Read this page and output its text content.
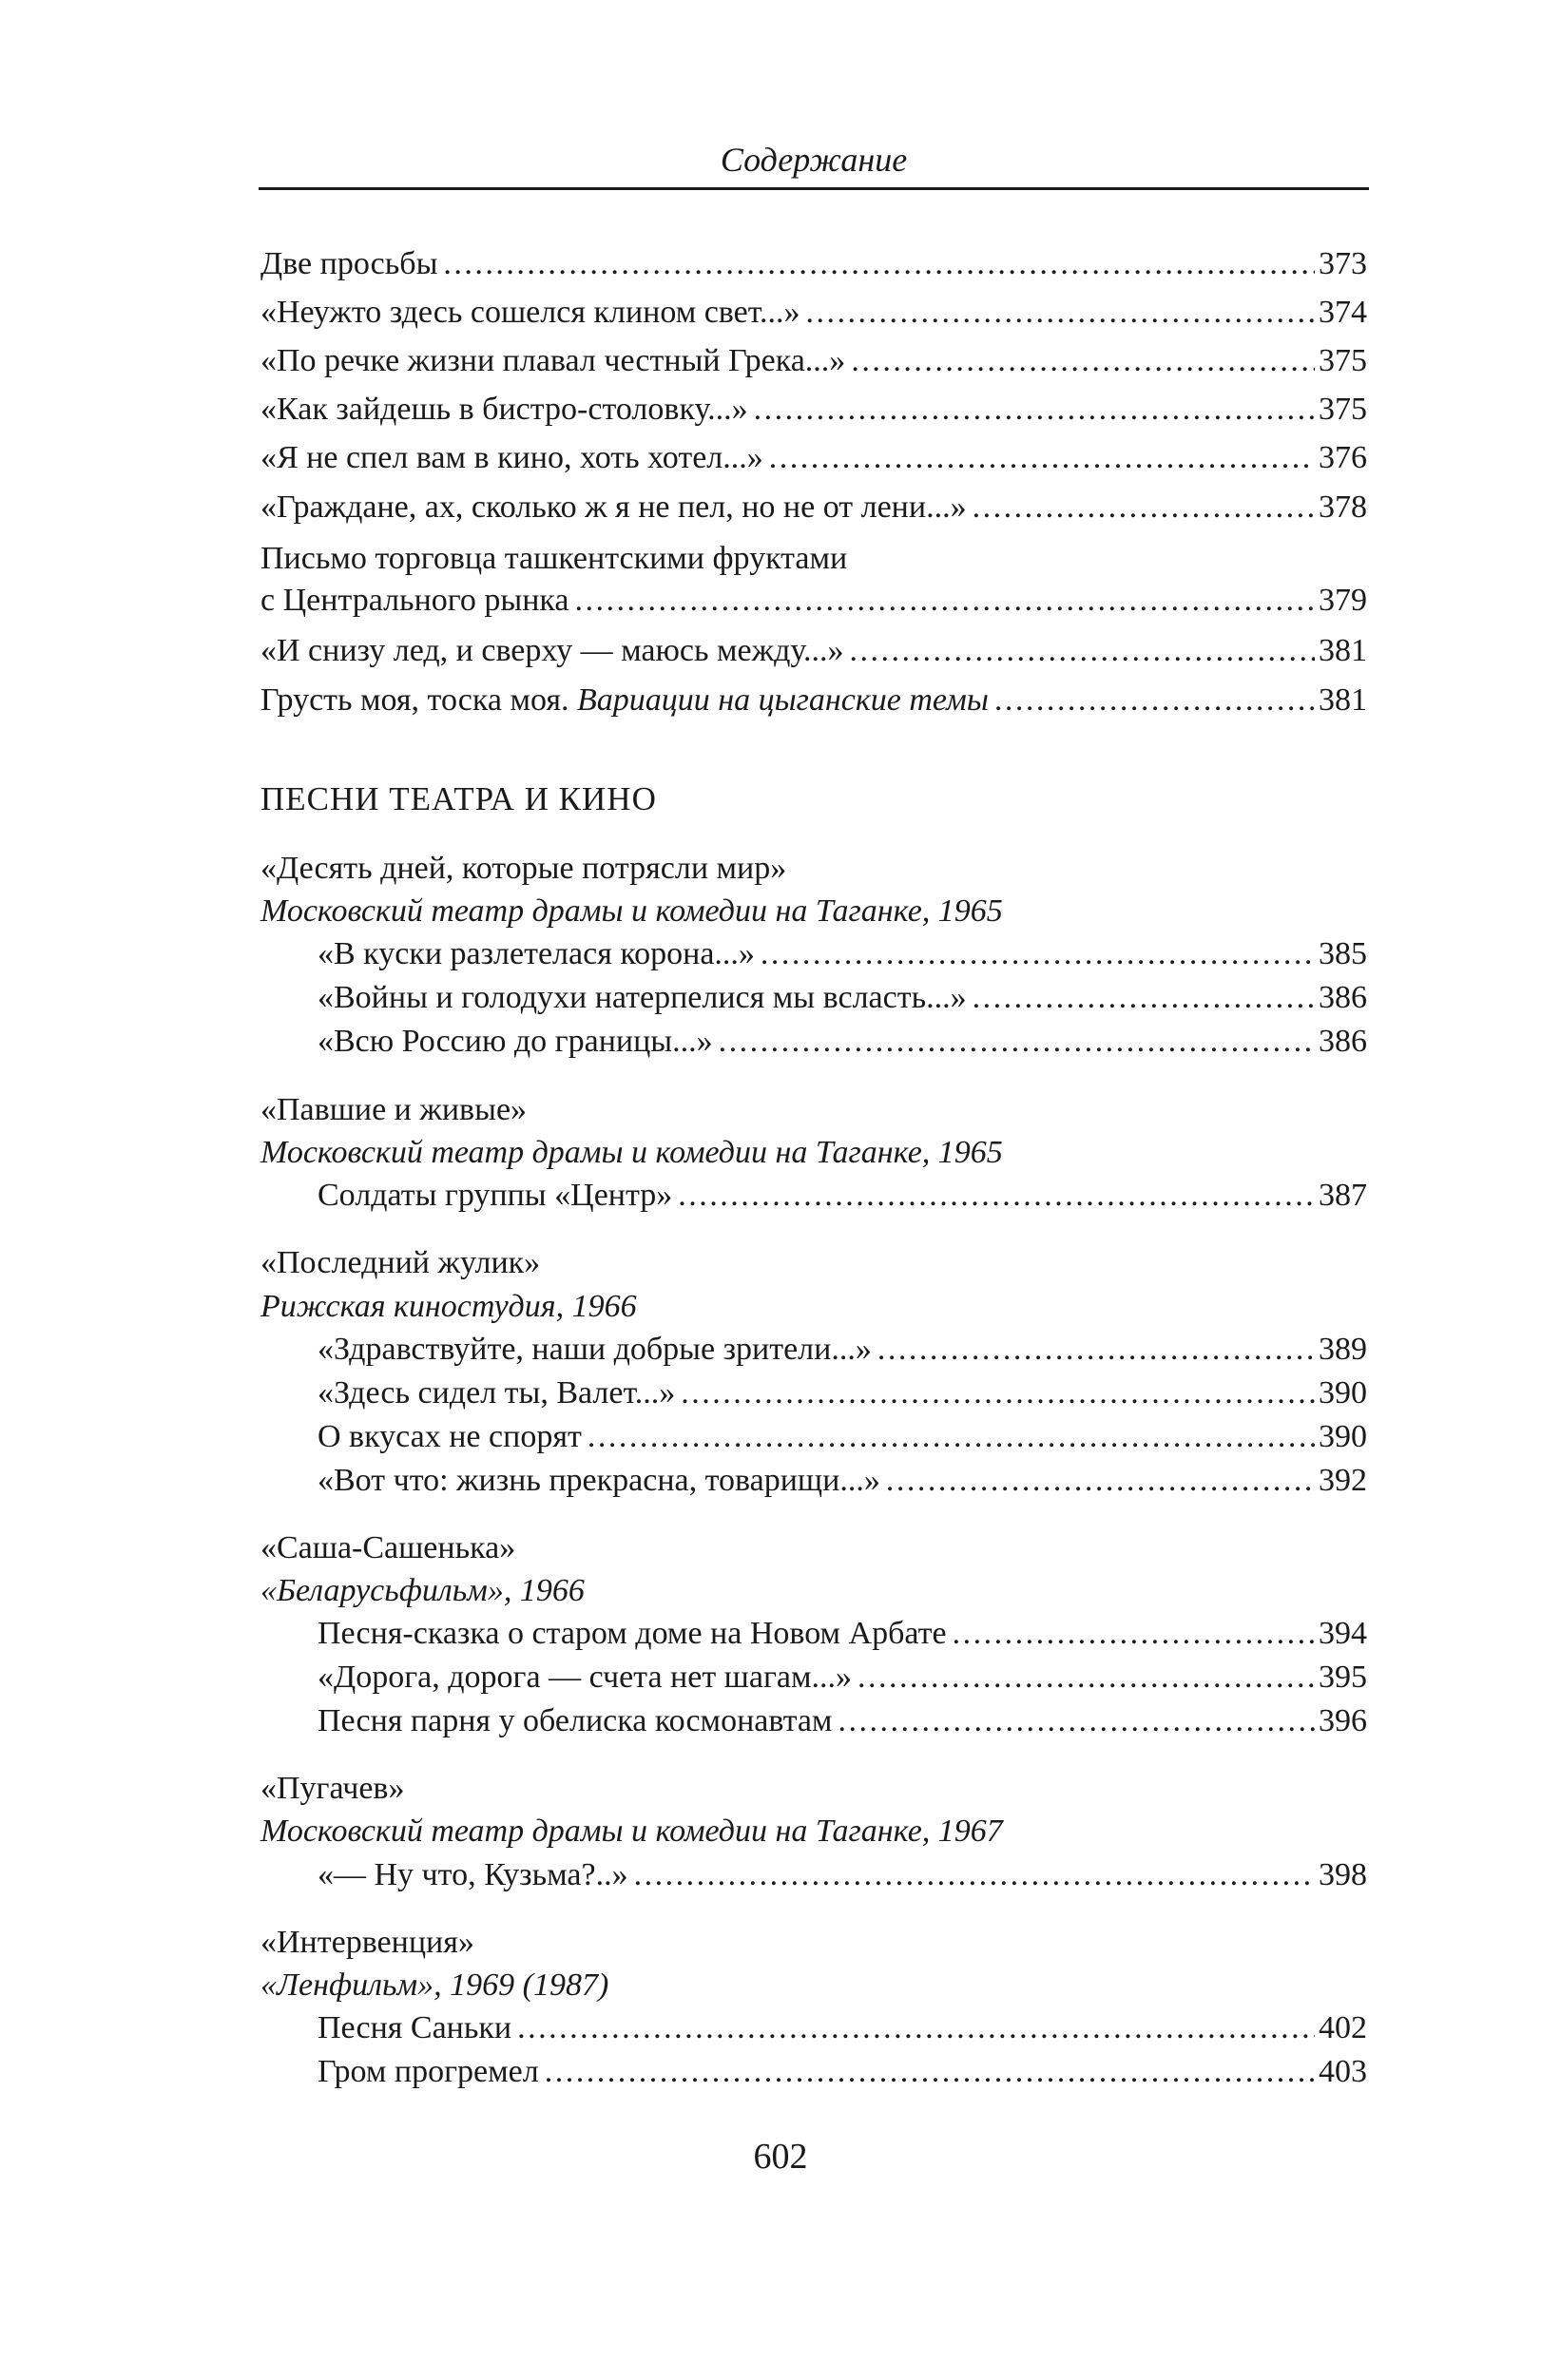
Содержание
Две просьбы . . .	373
«Неужто здесь сошелся клином свет...» . . .	374
«По речке жизни плавал честный Грека...» . . .	375
«Как зайдешь в бистро-столовку...» . . .	375
«Я не спел вам в кино, хоть хотел...» . . .	376
«Граждане, ах, сколько ж я не пел, но не от лени...» . . .	378
Письмо торговца ташкентскими фруктами
с Центрального рынка . . .	379
«И снизу лед, и сверху — маюсь между...» . . .	381
Грусть моя, тоска моя. Вариации на цыганские темы . . .	381
ПЕСНИ ТЕАТРА И КИНО
«Десять дней, которые потрясли мир»
Московский театр драмы и комедии на Таганке, 1965
«В куски разлетелася корона...» . . .	385
«Войны и голодухи натерпелися мы всласть...» . . .	386
«Всю Россию до границы...» . . .	386
«Павшие и живые»
Московский театр драмы и комедии на Таганке, 1965
Солдаты группы «Центр» . . .	387
«Последний жулик»
Рижская киностудия, 1966
«Здравствуйте, наши добрые зрители...» . . .	389
«Здесь сидел ты, Валет...» . . .	390
О вкусах не спорят . . .	390
«Вот что: жизнь прекрасна, товарищи...» . . .	392
«Саша-Сашенька»
«Беларусьфильм», 1966
Песня-сказка о старом доме на Новом Арбате . . .	394
«Дорога, дорога — счета нет шагам...» . . .	395
Песня парня у обелиска космонавтам . . .	396
«Пугачев»
Московский театр драмы и комедии на Таганке, 1967
«— Ну что, Кузьма?..» . . .	398
«Интервенция»
«Ленфильм», 1969 (1987)
Песня Саньки . . .	402
Гром прогремел . . .	403
602
